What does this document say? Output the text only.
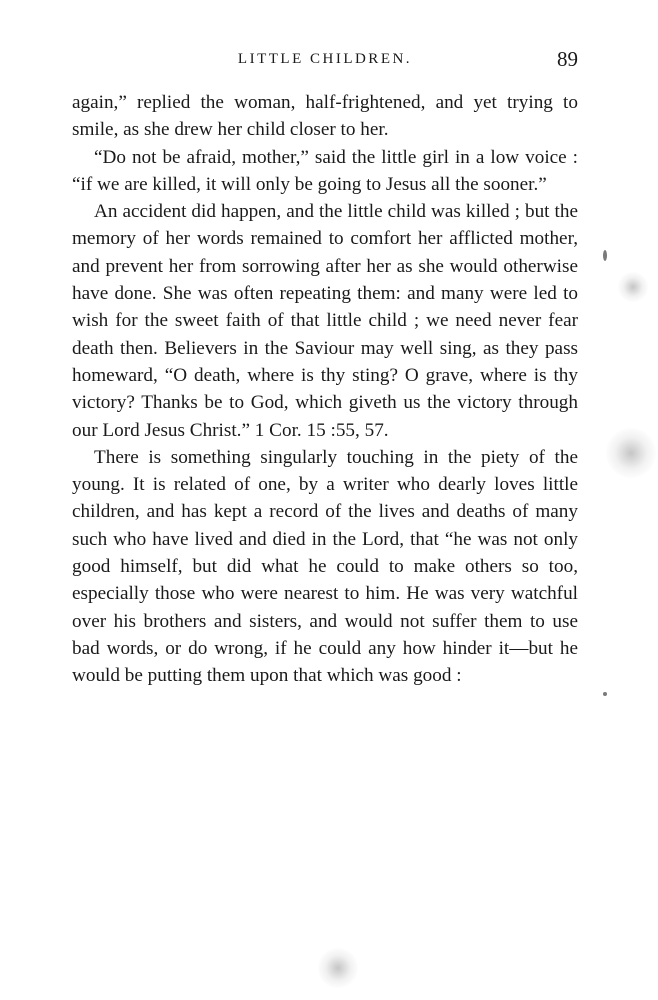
LITTLE CHILDREN.	89

again,” replied the woman, half-frightened, and yet trying to smile, as she drew her child closer to her.

“Do not be afraid, mother,” said the little girl in a low voice : “if we are killed, it will only be going to Jesus all the sooner.”

An accident did happen, and the little child was killed ; but the memory of her words remained to comfort her afflicted mother, and prevent her from sorrowing after her as she would otherwise have done. She was often repeating them: and many were led to wish for the sweet faith of that little child ; we need never fear death then. Believers in the Saviour may well sing, as they pass homeward, “O death, where is thy sting? O grave, where is thy victory? Thanks be to God, which giveth us the victory through our Lord Jesus Christ.” 1 Cor. 15 :55, 57.

There is something singularly touching in the piety of the young. It is related of one, by a writer who dearly loves little children, and has kept a record of the lives and deaths of many such who have lived and died in the Lord, that “he was not only good himself, but did what he could to make others so too, especially those who were nearest to him. He was very watchful over his brothers and sisters, and would not suffer them to use bad words, or do wrong, if he could any how hinder it—but he would be putting them upon that which was good :
